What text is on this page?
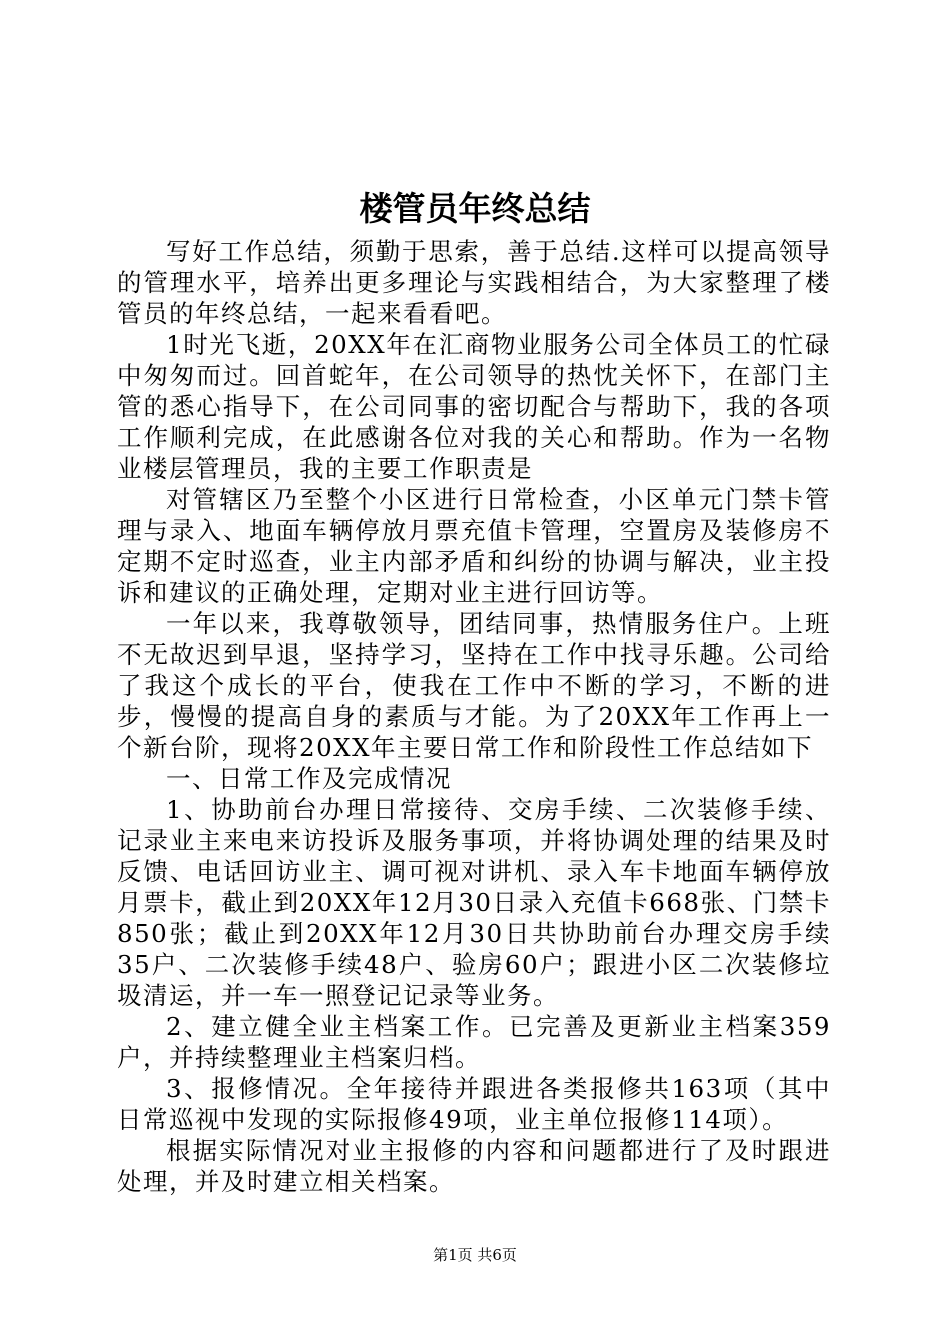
楼管员年终总结

写好工作总结，须勤于思索，善于总结.这样可以提高领导的管理水平，培养出更多理论与实践相结合，为大家整理了楼管员的年终总结，一起来看看吧。

1时光飞逝，20XX年在汇商物业服务公司全体员工的忙碌中匆匆而过。回首蛇年，在公司领导的热忱关怀下，在部门主管的悉心指导下，在公司同事的密切配合与帮助下，我的各项工作顺利完成，在此感谢各位对我的关心和帮助。作为一名物业楼层管理员，我的主要工作职责是

对管辖区乃至整个小区进行日常检查，小区单元门禁卡管理与录入、地面车辆停放月票充值卡管理，空置房及装修房不定期不定时巡查，业主内部矛盾和纠纷的协调与解决，业主投诉和建议的正确处理，定期对业主进行回访等。

一年以来，我尊敬领导，团结同事，热情服务住户。上班不无故迟到早退，坚持学习，坚持在工作中找寻乐趣。公司给了我这个成长的平台，使我在工作中不断的学习，不断的进步，慢慢的提高自身的素质与才能。为了20XX年工作再上一个新台阶，现将20XX年主要日常工作和阶段性工作总结如下

一、日常工作及完成情况

1、协助前台办理日常接待、交房手续、二次装修手续、记录业主来电来访投诉及服务事项，并将协调处理的结果及时反馈、电话回访业主、调可视对讲机、录入车卡地面车辆停放月票卡，截止到20XX年12月30日录入充值卡668张、门禁卡850张；截止到20XX年12月30日共协助前台办理交房手续35户、二次装修手续48户、验房60户；跟进小区二次装修垃圾清运，并一车一照登记记录等业务。

2、建立健全业主档案工作。已完善及更新业主档案359户，并持续整理业主档案归档。

3、报修情况。全年接待并跟进各类报修共163项（其中日常巡视中发现的实际报修49项，业主单位报修114项）。

根据实际情况对业主报修的内容和问题都进行了及时跟进处理，并及时建立相关档案。

第1页 共6页
